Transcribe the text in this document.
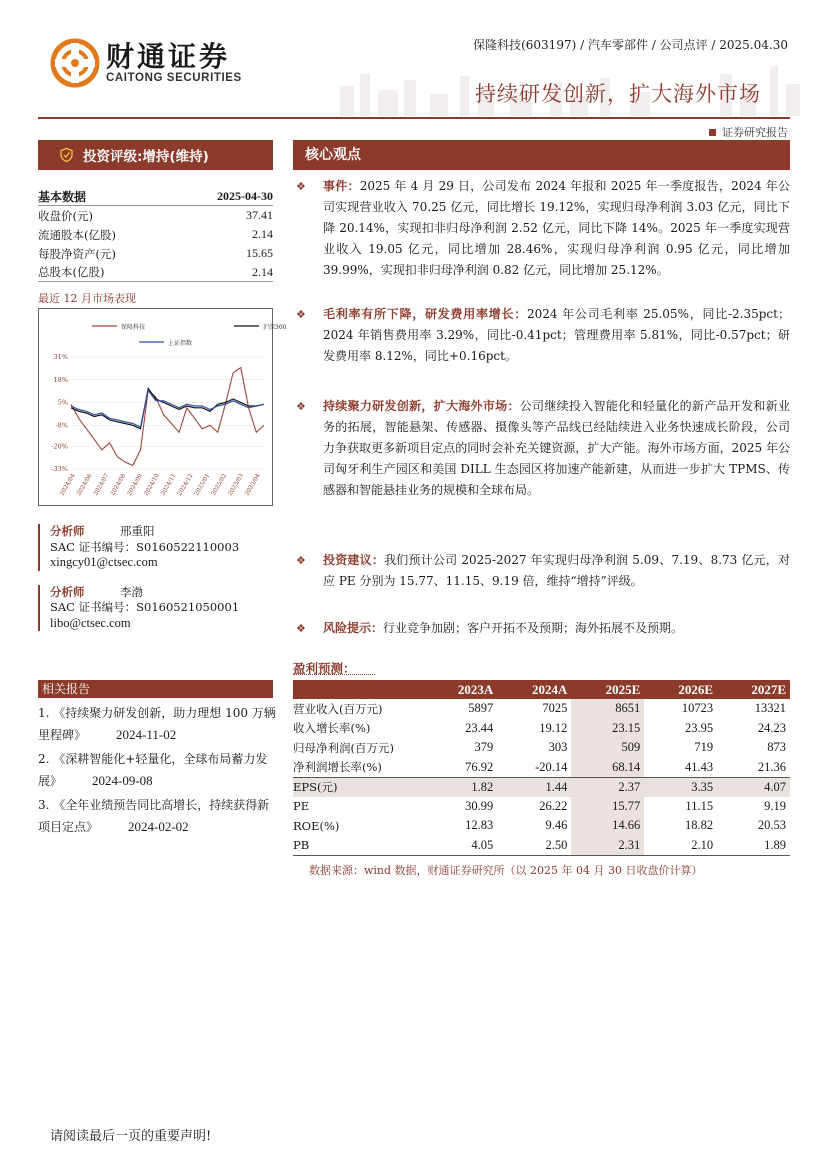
财通证券
CAITONG SECURITIES
保隆科技(603197) / 汽车零部件 / 公司点评 / 2025.04.30
持续研发创新，扩大海外市场
证券研究报告
投资评级:增持(维持)
基本数据	2025-04-30
收盘价(元)	37.41
流通股本(亿股)	2.14
每股净资产(元)	15.65
总股本(亿股)	2.14
最近 12 月市场表现
保隆科技	沪深300
上证指数
31%
18%
5%
-8%
-20%
-33%
2024/04 2024/06 2024/07 2024/08 2024/09 2024/10 2024/11 2024/12 2025/01 2025/02 2025/03 2025/04
分析师	邢重阳
SAC 证书编号：S0160522110003
xingcy01@ctsec.com
分析师	李渤
SAC 证书编号：S0160521050001
libo@ctsec.com
相关报告
1. 《持续聚力研发创新，助力理想 100 万辆里程碑》 2024-11-02
2. 《深耕智能化+轻量化，全球布局蓄力发展》 2024-09-08
3. 《全年业绩预告同比高增长，持续获得新项目定点》 2024-02-02
核心观点
❖ 事件：2025 年 4 月 29 日，公司发布 2024 年报和 2025 年一季度报告，2024 年公司实现营业收入 70.25 亿元，同比增长 19.12%，实现归母净利润 3.03 亿元，同比下降 20.14%，实现扣非归母净利润 2.52 亿元，同比下降 14%。2025 年一季度实现营业收入 19.05 亿元，同比增加 28.46%，实现归母净利润 0.95 亿元，同比增加 39.99%，实现扣非归母净利润 0.82 亿元，同比增加 25.12%。
❖ 毛利率有所下降，研发费用率增长：2024 年公司毛利率 25.05%，同比-2.35pct；2024 年销售费用率 3.29%，同比-0.41pct；管理费用率 5.81%，同比-0.57pct；研发费用率 8.12%，同比+0.16pct。
❖ 持续聚力研发创新，扩大海外市场：公司继续投入智能化和轻量化的新产品开发和新业务的拓展，智能悬架、传感器、摄像头等产品线已经陆续进入业务快速成长阶段，公司力争获取更多新项目定点的同时会补充关键资源，扩大产能。海外市场方面，2025 年公司匈牙利生产园区和美国 DILL 生态园区将加速产能新建，从而进一步扩大 TPMS、传感器和智能悬挂业务的规模和全球布局。
❖ 投资建议：我们预计公司 2025-2027 年实现归母净利润 5.09、7.19、8.73 亿元，对应 PE 分别为 15.77、11.15、9.19 倍，维持“增持”评级。
❖ 风险提示：行业竞争加剧；客户开拓不及预期；海外拓展不及预期。
盈利预测：
	2023A	2024A	2025E	2026E	2027E
营业收入(百万元)	5897	7025	8651	10723	13321
收入增长率(%)	23.44	19.12	23.15	23.95	24.23
归母净利润(百万元)	379	303	509	719	873
净利润增长率(%)	76.92	-20.14	68.14	41.43	21.36
EPS(元)	1.82	1.44	2.37	3.35	4.07
PE	30.99	26.22	15.77	11.15	9.19
ROE(%)	12.83	9.46	14.66	18.82	20.53
PB	4.05	2.50	2.31	2.10	1.89
数据来源：wind 数据，财通证券研究所（以 2025 年 04 月 30 日收盘价计算）
请阅读最后一页的重要声明!
